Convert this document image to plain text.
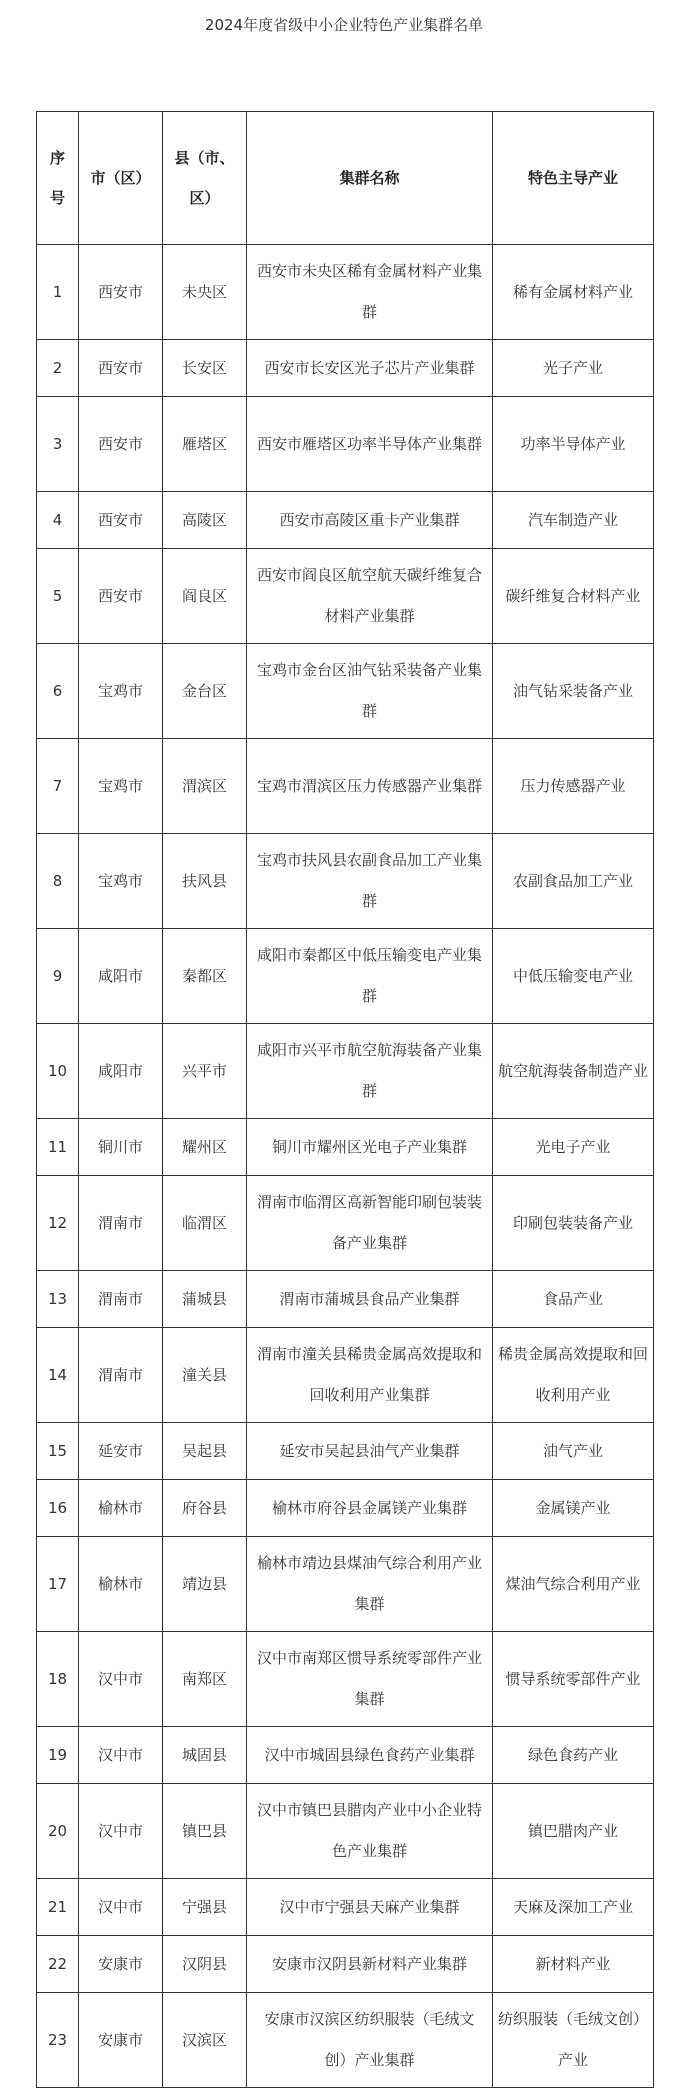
2024年度省级中小企业特色产业集群名单
序号	市（区）	县（市、区）	集群名称	特色主导产业
1	西安市	未央区	西安市未央区稀有金属材料产业集群	稀有金属材料产业
2	西安市	长安区	西安市长安区光子芯片产业集群	光子产业
3	西安市	雁塔区	西安市雁塔区功率半导体产业集群	功率半导体产业
4	西安市	高陵区	西安市高陵区重卡产业集群	汽车制造产业
5	西安市	阎良区	西安市阎良区航空航天碳纤维复合材料产业集群	碳纤维复合材料产业
6	宝鸡市	金台区	宝鸡市金台区油气钻采装备产业集群	油气钻采装备产业
7	宝鸡市	渭滨区	宝鸡市渭滨区压力传感器产业集群	压力传感器产业
8	宝鸡市	扶风县	宝鸡市扶风县农副食品加工产业集群	农副食品加工产业
9	咸阳市	秦都区	咸阳市秦都区中低压输变电产业集群	中低压输变电产业
10	咸阳市	兴平市	咸阳市兴平市航空航海装备产业集群	航空航海装备制造产业
11	铜川市	耀州区	铜川市耀州区光电子产业集群	光电子产业
12	渭南市	临渭区	渭南市临渭区高新智能印刷包装装备产业集群	印刷包装装备产业
13	渭南市	蒲城县	渭南市蒲城县食品产业集群	食品产业
14	渭南市	潼关县	渭南市潼关县稀贵金属高效提取和回收利用产业集群	稀贵金属高效提取和回收利用产业
15	延安市	吴起县	延安市吴起县油气产业集群	油气产业
16	榆林市	府谷县	榆林市府谷县金属镁产业集群	金属镁产业
17	榆林市	靖边县	榆林市靖边县煤油气综合利用产业集群	煤油气综合利用产业
18	汉中市	南郑区	汉中市南郑区惯导系统零部件产业集群	惯导系统零部件产业
19	汉中市	城固县	汉中市城固县绿色食药产业集群	绿色食药产业
20	汉中市	镇巴县	汉中市镇巴县腊肉产业中小企业特色产业集群	镇巴腊肉产业
21	汉中市	宁强县	汉中市宁强县天麻产业集群	天麻及深加工产业
22	安康市	汉阴县	安康市汉阴县新材料产业集群	新材料产业
23	安康市	汉滨区	安康市汉滨区纺织服装（毛绒文创）产业集群	纺织服装（毛绒文创）产业
